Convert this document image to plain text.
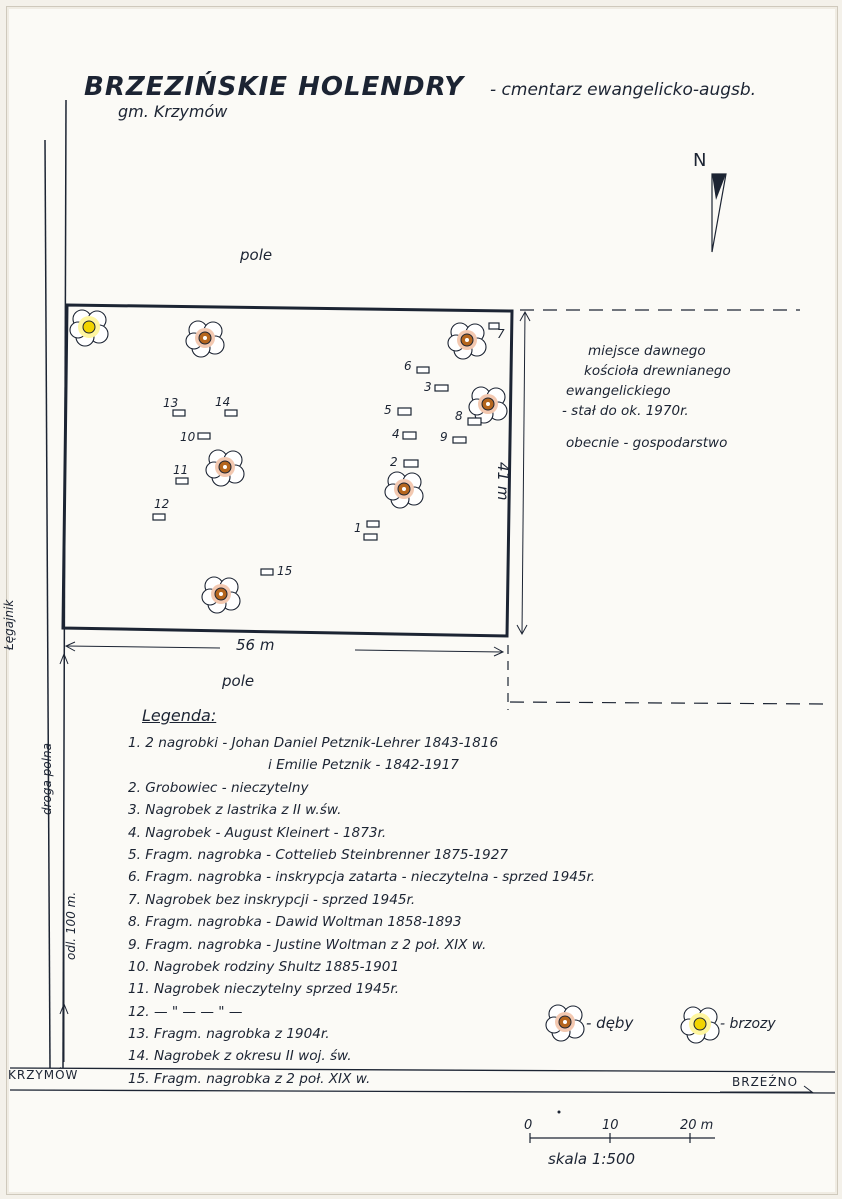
BRZEZIŃSKIE HOLENDRY - cmentarz ewangelicko-augsb.
gm. Krzymów
N
pole
pole
miejsce dawnego
kościoła drewnianego
ewangelickiego
- stał do ok. 1970r.
obecnie - gospodarstwo
41 m
56 m
1
2
3
4
5
6
7
8
9
10
11
12
13	14
15
Łęgajnik
droga polna
odl. 100 m.
KRZYMÓW	BRZEŹNO
Legenda:
1. 2 nagrobki - Johan Daniel Petznik-Lehrer 1843-1816
i Emilie Petznik - 1842-1917
2. Grobowiec - nieczytelny
3. Nagrobek z lastrika z II w.św.
4. Nagrobek - August Kleinert - 1873r.
5. Fragm. nagrobka - Cottelieb Steinbrenner 1875-1927
6. Fragm. nagrobka - inskrypcja zatarta - nieczytelna - sprzed 1945r.
7. Nagrobek bez inskrypcji - sprzed 1945r.
8. Fragm. nagrobka - Dawid Woltman 1858-1893
9. Fragm. nagrobka - Justine Woltman z 2 poł. XIX w.
10. Nagrobek rodziny Shultz 1885-1901
11. Nagrobek nieczytelny sprzed 1945r.
12. — " — — " —
13. Fragm. nagrobka z 1904r.
14. Nagrobek z okresu II woj. św.
15. Fragm. nagrobka z 2 poł. XIX w.
- dęby	- brzozy
0	10	20 m
skala 1:500
